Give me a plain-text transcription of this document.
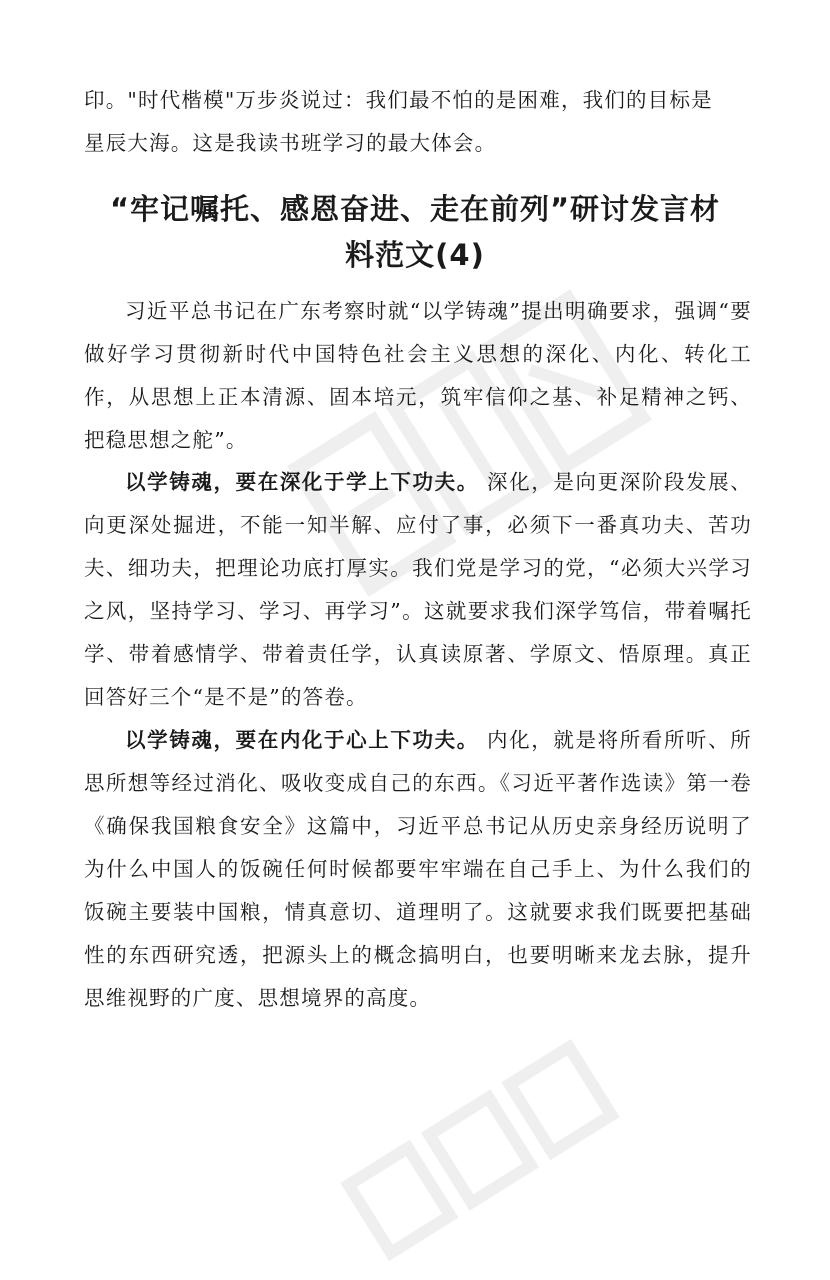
印。"时代楷模"万步炎说过：我们最不怕的是困难，我们的目标是
星辰大海。这是我读书班学习的最大体会。

“牢记嘱托、感恩奋进、走在前列”研讨发言材
料范文(4)

习近平总书记在广东考察时就“以学铸魂”提出明确要求，强调“要做好学习贯彻新时代中国特色社会主义思想的深化、内化、转化工作，从思想上正本清源、固本培元，筑牢信仰之基、补足精神之钙、把稳思想之舵”。

以学铸魂，要在深化于学上下功夫。 深化，是向更深阶段发展、向更深处掘进，不能一知半解、应付了事，必须下一番真功夫、苦功夫、细功夫，把理论功底打厚实。我们党是学习的党，“必须大兴学习之风，坚持学习、学习、再学习”。这就要求我们深学笃信，带着嘱托学、带着感情学、带着责任学，认真读原著、学原文、悟原理。真正回答好三个“是不是”的答卷。

以学铸魂，要在内化于心上下功夫。 内化，就是将所看所听、所思所想等经过消化、吸收变成自己的东西。《习近平著作选读》第一卷《确保我国粮食安全》这篇中，习近平总书记从历史亲身经历说明了为什么中国人的饭碗任何时候都要牢牢端在自己手上、为什么我们的饭碗主要装中国粮，情真意切、道理明了。这就要求我们既要把基础性的东西研究透，把源头上的概念搞明白，也要明晰来龙去脉，提升思维视野的广度、思想境界的高度。
